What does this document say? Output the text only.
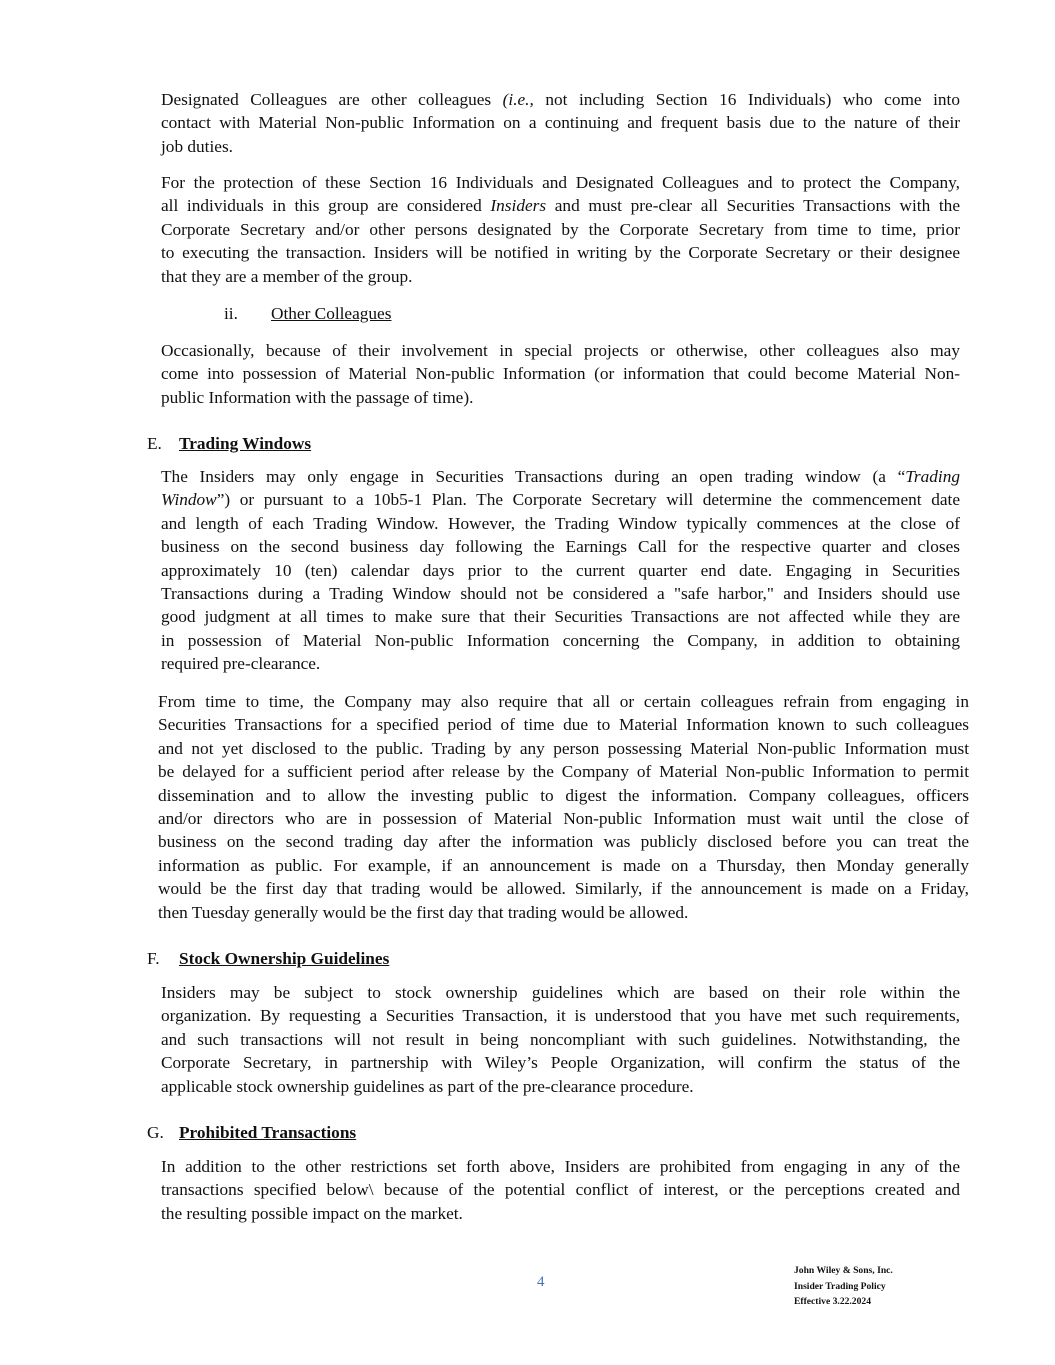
Designated Colleagues are other colleagues (i.e., not including Section 16 Individuals) who come into
contact with Material Non-public Information on a continuing and frequent basis due to the nature of their
job duties.
For the protection of these Section 16 Individuals and Designated Colleagues and to protect the Company,
all individuals in this group are considered Insiders and must pre-clear all Securities Transactions with the
Corporate Secretary and/or other persons designated by the Corporate Secretary from time to time, prior
to executing the transaction. Insiders will be notified in writing by the Corporate Secretary or their designee
that they are a member of the group.
ii. Other Colleagues
Occasionally, because of their involvement in special projects or otherwise, other colleagues also may
come into possession of Material Non-public Information (or information that could become Material Non-
public Information with the passage of time).
E. Trading Windows
The Insiders may only engage in Securities Transactions during an open trading window (a “Trading
Window”) or pursuant to a 10b5-1 Plan. The Corporate Secretary will determine the commencement date
and length of each Trading Window. However, the Trading Window typically commences at the close of
business on the second business day following the Earnings Call for the respective quarter and closes
approximately 10 (ten) calendar days prior to the current quarter end date. Engaging in Securities
Transactions during a Trading Window should not be considered a "safe harbor," and Insiders should use
good judgment at all times to make sure that their Securities Transactions are not affected while they are
in possession of Material Non-public Information concerning the Company, in addition to obtaining
required pre-clearance.
From time to time, the Company may also require that all or certain colleagues refrain from engaging in
Securities Transactions for a specified period of time due to Material Information known to such colleagues
and not yet disclosed to the public. Trading by any person possessing Material Non-public Information must
be delayed for a sufficient period after release by the Company of Material Non-public Information to permit
dissemination and to allow the investing public to digest the information. Company colleagues, officers
and/or directors who are in possession of Material Non-public Information must wait until the close of
business on the second trading day after the information was publicly disclosed before you can treat the
information as public. For example, if an announcement is made on a Thursday, then Monday generally
would be the first day that trading would be allowed. Similarly, if the announcement is made on a Friday,
then Tuesday generally would be the first day that trading would be allowed.
F. Stock Ownership Guidelines
Insiders may be subject to stock ownership guidelines which are based on their role within the
organization. By requesting a Securities Transaction, it is understood that you have met such requirements,
and such transactions will not result in being noncompliant with such guidelines. Notwithstanding, the
Corporate Secretary, in partnership with Wiley’s People Organization, will confirm the status of the
applicable stock ownership guidelines as part of the pre-clearance procedure.
G. Prohibited Transactions
In addition to the other restrictions set forth above, Insiders are prohibited from engaging in any of the
transactions specified below\ because of the potential conflict of interest, or the perceptions created and
the resulting possible impact on the market.
4
John Wiley & Sons, Inc.
Insider Trading Policy
Effective 3.22.2024
